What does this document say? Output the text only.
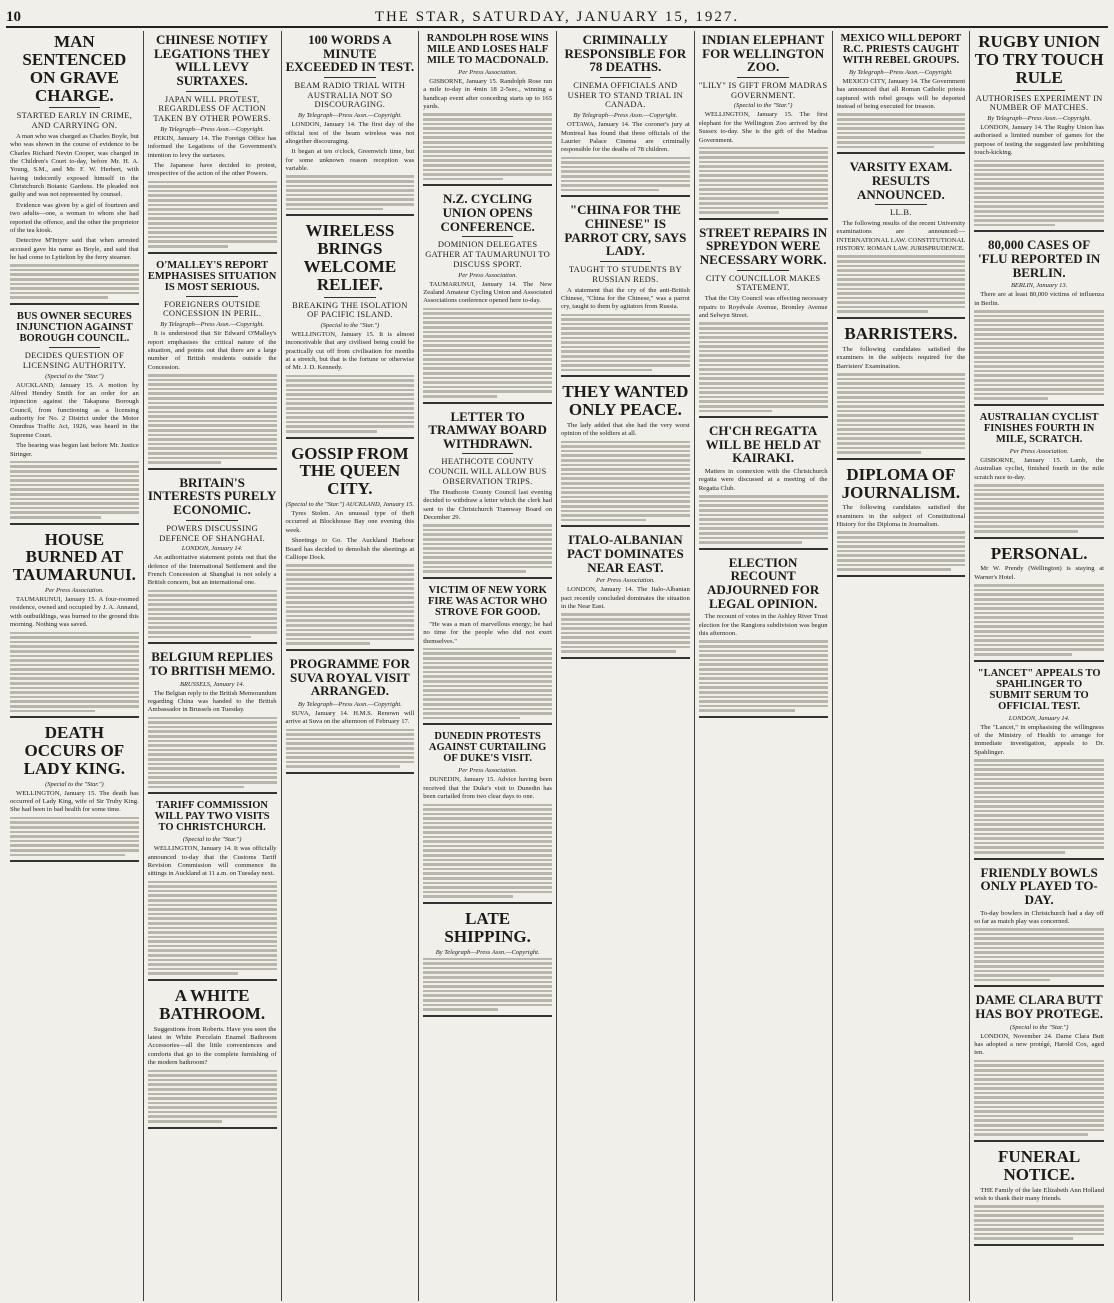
10	THE STAR, SATURDAY, JANUARY 15, 1927.
MAN SENTENCED ON GRAVE CHARGE.
STARTED EARLY IN CRIME, AND CARRYING ON.

A man who was charged as Charles Boyle, but who was shown in the course of evidence to be Charles Richard Nevin Cooper, was charged in the Children's Court to-day, before Mr. H. A. Young, S.M., and Mr. F. W. Herbert, with having indecently exposed himself in the Christchurch Botanic Gardens. He pleaded not guilty and was not represented by counsel.

Evidence was given by a girl of fourteen and two adults—one, a woman to whom she had reported the offence, and the other the proprietor of the tea kiosk.

Detective M'Intyre said that when arrested accused gave his name as Boyle, and said that he had come to Lyttelton by the ferry steamer.

BUS OWNER SECURES INJUNCTION AGAINST BOROUGH COUNCIL.
DECIDES QUESTION OF LICENSING AUTHORITY.
(Special to the "Star.")

AUCKLAND, January 15. A motion by Alfred Hendry Smith for an order for an injunction against the Takapuna Borough Council, from functioning as a licensing authority for No. 2 District under the Motor Omnibus Traffic Act, 1926, was heard in the Supreme Court.

The hearing was begun last before Mr. Justice Stringer.

HOUSE BURNED AT TAUMARUNUI.
Per Press Association.

TAUMARUNUI, January 15. A four-roomed residence, owned and occupied by J. A. Annand, with outbuildings, was burned to the ground this morning. Nothing was saved.

DEATH OCCURS OF LADY KING.
(Special to the "Star.")

WELLINGTON, January 15. The death has occurred of Lady King, wife of Sir Truby King. She had been in bad health for some time.

CHINESE NOTIFY LEGATIONS THEY WILL LEVY SURTAXES.
JAPAN WILL PROTEST, REGARDLESS OF ACTION TAKEN BY OTHER POWERS.
By Telegraph—Press Assn.—Copyright.

PEKIN, January 14. The Foreign Office has informed the Legations of the Government's intention to levy the surtaxes.

The Japanese have decided to protest, irrespective of the action of the other Powers.

O'MALLEY'S REPORT EMPHASISES SITUATION IS MOST SERIOUS.
FOREIGNERS OUTSIDE CONCESSION IN PERIL.
By Telegraph—Press Assn.—Copyright.

It is understood that Sir Edward O'Malley's report emphasises the critical nature of the situation, and points out that there are a large number of British residents outside the Concession.

BRITAIN'S INTERESTS PURELY ECONOMIC.
POWERS DISCUSSING DEFENCE OF SHANGHAI.
LONDON, January 14.

An authoritative statement points out that the defence of the International Settlement and the French Concession at Shanghai is not solely a British concern, but an international one.

BELGIUM REPLIES TO BRITISH MEMO.
BRUSSELS, January 14.

The Belgian reply to the British Memorandum regarding China was handed to the British Ambassador in Brussels on Tuesday.

TARIFF COMMISSION WILL PAY TWO VISITS TO CHRISTCHURCH.
(Special to the "Star.")

WELLINGTON, January 14. It was officially announced to-day that the Customs Tariff Revision Commission will commence its sittings in Auckland at 11 a.m. on Tuesday next.

A WHITE BATHROOM.

Suggestions from Roberts. Have you seen the latest in White Porcelain Enamel Bathroom Accessories—all the little conveniences and comforts that go to the complete furnishing of the modern bathroom?

100 WORDS A MINUTE EXCEEDED IN TEST.
BEAM RADIO TRIAL WITH AUSTRALIA NOT SO DISCOURAGING.
By Telegraph—Press Assn.—Copyright.

LONDON, January 14. The first day of the official test of the beam wireless was not altogether discouraging.

It began at ten o'clock, Greenwich time, but for some unknown reason reception was variable.

WIRELESS BRINGS WELCOME RELIEF.
BREAKING THE ISOLATION OF PACIFIC ISLAND.
(Special to the "Star.")

WELLINGTON, January 15. It is almost inconceivable that any civilised being could be practically cut off from civilisation for months at a stretch, but that is the fortune or otherwise of Mr. J. D. Kennedy.

GOSSIP FROM THE QUEEN CITY.
(Special to the "Star.") AUCKLAND, January 15.

Tyres Stolen. An unusual type of theft occurred at Blockhouse Bay one evening this week.

Sheetings to Go. The Auckland Harbour Board has decided to demolish the sheetings at Calliope Dock.

PROGRAMME FOR SUVA ROYAL VISIT ARRANGED.
By Telegraph—Press Assn.—Copyright.

SUVA, January 14. H.M.S. Renown will arrive at Suva on the afternoon of February 17.

RANDOLPH ROSE WINS MILE AND LOSES HALF MILE TO MACDONALD.
Per Press Association.

GISBORNE, January 15. Randolph Rose ran a mile to-day in 4min 18 2-5sec., winning a handicap event after conceding starts up to 165 yards.

N.Z. CYCLING UNION OPENS CONFERENCE.
DOMINION DELEGATES GATHER AT TAUMARUNUI TO DISCUSS SPORT.
Per Press Association.

TAUMARUNUI, January 14. The New Zealand Amateur Cycling Union and Associated Associations conference opened here to-day.

LETTER TO TRAMWAY BOARD WITHDRAWN.
HEATHCOTE COUNTY COUNCIL WILL ALLOW BUS OBSERVATION TRIPS.

The Heathcote County Council last evening decided to withdraw a letter which the clerk had sent to the Christchurch Tramway Board on December 29.

VICTIM OF NEW YORK FIRE WAS ACTOR WHO STROVE FOR GOOD.

"He was a man of marvellous energy; he had no time for the people who did not exert themselves."

DUNEDIN PROTESTS AGAINST CURTAILING OF DUKE'S VISIT.
Per Press Association.

DUNEDIN, January 15. Advice having been received that the Duke's visit to Dunedin has been curtailed from two clear days to one.

LATE SHIPPING.
By Telegraph—Press Assn.—Copyright.
CRIMINALLY RESPONSIBLE FOR 78 DEATHS.
CINEMA OFFICIALS AND USHER TO STAND TRIAL IN CANADA.
By Telegraph—Press Assn.—Copyright.

OTTAWA, January 14. The coroner's jury at Montreal has found that three officials of the Laurier Palace Cinema are criminally responsible for the deaths of 78 children.

"CHINA FOR THE CHINESE" IS PARROT CRY, SAYS LADY.
TAUGHT TO STUDENTS BY RUSSIAN REDS.

A statement that the cry of the anti-British Chinese, "China for the Chinese," was a parrot cry, taught to them by agitators from Russia.

THEY WANTED ONLY PEACE.

The lady added that she had the very worst opinion of the soldiers at all.

ITALO-ALBANIAN PACT DOMINATES NEAR EAST.
Per Press Association.

LONDON, January 14. The Italo-Albanian pact recently concluded dominates the situation in the Near East.

INDIAN ELEPHANT FOR WELLINGTON ZOO.
"LILY" IS GIFT FROM MADRAS GOVERNMENT.
(Special to the "Star.")

WELLINGTON, January 15. The first elephant for the Wellington Zoo arrived by the Sussex to-day. She is the gift of the Madras Government.

STREET REPAIRS IN SPREYDON WERE NECESSARY WORK.
CITY COUNCILLOR MAKES STATEMENT.

That the City Council was effecting necessary repairs to Roydvale Avenue, Bromley Avenue and Selwyn Street.

CH'CH REGATTA WILL BE HELD AT KAIRAKI.

Matters in connexion with the Christchurch regatta were discussed at a meeting of the Regatta Club.

ELECTION RECOUNT ADJOURNED FOR LEGAL OPINION.

The recount of votes in the Ashley River Trust election for the Rangiora subdivision was begun this afternoon.

MEXICO WILL DEPORT R.C. PRIESTS CAUGHT WITH REBEL GROUPS.
By Telegraph—Press Assn.—Copyright.

MEXICO CITY, January 14. The Government has announced that all Roman Catholic priests captured with rebel groups will be deported instead of being executed for treason.

VARSITY EXAM. RESULTS ANNOUNCED.
LL.B.

The following results of the recent University examinations are announced:— INTERNATIONAL LAW. CONSTITUTIONAL HISTORY. ROMAN LAW. JURISPRUDENCE.

BARRISTERS.

The following candidates satisfied the examiners in the subjects required for the Barristers' Examination.

DIPLOMA OF JOURNALISM.

The following candidates satisfied the examiners in the subject of Constitutional History for the Diploma in Journalism.

RUGBY UNION TO TRY TOUCH RULE
AUTHORISES EXPERIMENT IN NUMBER OF MATCHES.
By Telegraph—Press Assn.—Copyright.

LONDON, January 14. The Rugby Union has authorised a limited number of games for the purpose of testing the suggested law prohibiting touch-kicking.

80,000 CASES OF 'FLU REPORTED IN BERLIN.
BERLIN, January 13.

There are at least 80,000 victims of influenza in Berlin.

AUSTRALIAN CYCLIST FINISHES FOURTH IN MILE, SCRATCH.
Per Press Association.

GISBORNE, January 15. Lamb, the Australian cyclist, finished fourth in the mile scratch race to-day.

PERSONAL.

Mr W. Prendy (Wellington) is staying at Warner's Hotel.

"LANCET" APPEALS TO SPAHLINGER TO SUBMIT SERUM TO OFFICIAL TEST.
LONDON, January 14.

The "Lancet," in emphasising the willingness of the Ministry of Health to arrange for immediate investigation, appeals to Dr. Spahlinger.

FRIENDLY BOWLS ONLY PLAYED TO-DAY.

To-day bowlers in Christchurch had a day off so far as match play was concerned.

DAME CLARA BUTT HAS BOY PROTEGE.
(Special to the "Star.")

LONDON, November 24. Dame Clara Butt has adopted a new protégé, Harold Cox, aged ten.

FUNERAL NOTICE.

THE Family of the late Elizabeth Ann Holland wish to thank their many friends.
